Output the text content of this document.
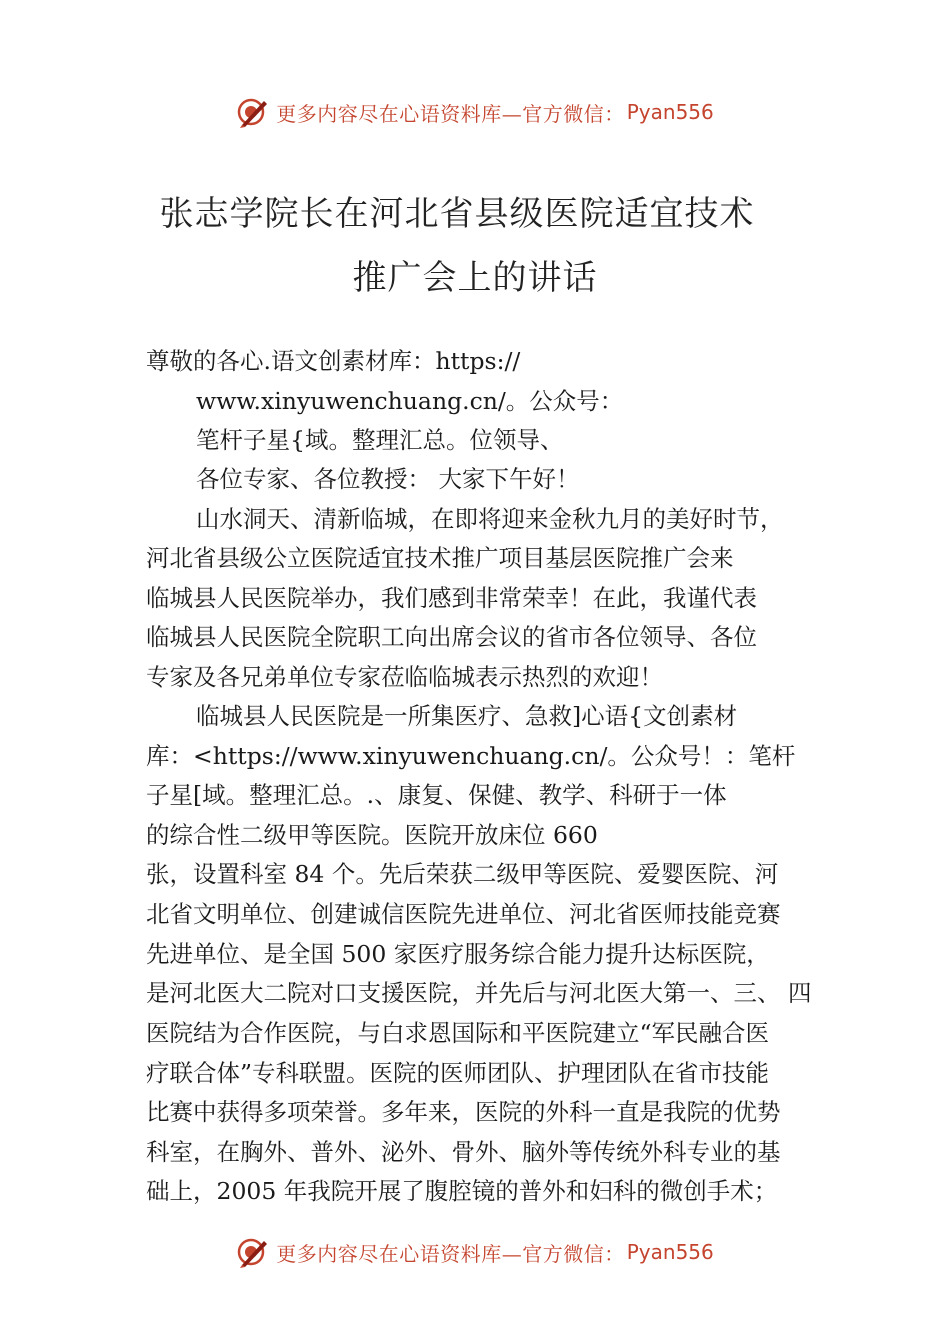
更多内容尽在心语资料库—官方微信： Pyan556
张志学院长在河北省县级医院适宜技术
推广会上的讲话
尊敬的各心.语文创素材库：https://
www.xinyuwenchuang.cn/。公众号：
笔杆子星{域。整理汇总。位领导、
各位专家、各位教授： 大家下午好！
山水洞天、清新临城，在即将迎来金秋九月的美好时节，
河北省县级公立医院适宜技术推广项目基层医院推广会来
临城县人民医院举办，我们感到非常荣幸！在此，我谨代表
临城县人民医院全院职工向出席会议的省市各位领导、各位
专家及各兄弟单位专家莅临临城表示热烈的欢迎！
临城县人民医院是一所集医疗、急救]心语{文创素材
库：<https://www.xinyuwenchuang.cn/。公众号！：笔杆
子星[域。整理汇总。.、康复、保健、教学、科研于一体
的综合性二级甲等医院。医院开放床位 660
张，设置科室 84 个。先后荣获二级甲等医院、爱婴医院、河
北省文明单位、创建诚信医院先进单位、河北省医师技能竞赛
先进单位、是全国 500 家医疗服务综合能力提升达标医院，
是河北医大二院对口支援医院，并先后与河北医大第一、三、 四
医院结为合作医院，与白求恩国际和平医院建立“军民融合医
疗联合体”专科联盟。医院的医师团队、护理团队在省市技能
比赛中获得多项荣誉。多年来，医院的外科一直是我院的优势
科室，在胸外、普外、泌外、骨外、脑外等传统外科专业的基
础上，2005 年我院开展了腹腔镜的普外和妇科的微创手术；
更多内容尽在心语资料库—官方微信： Pyan556
